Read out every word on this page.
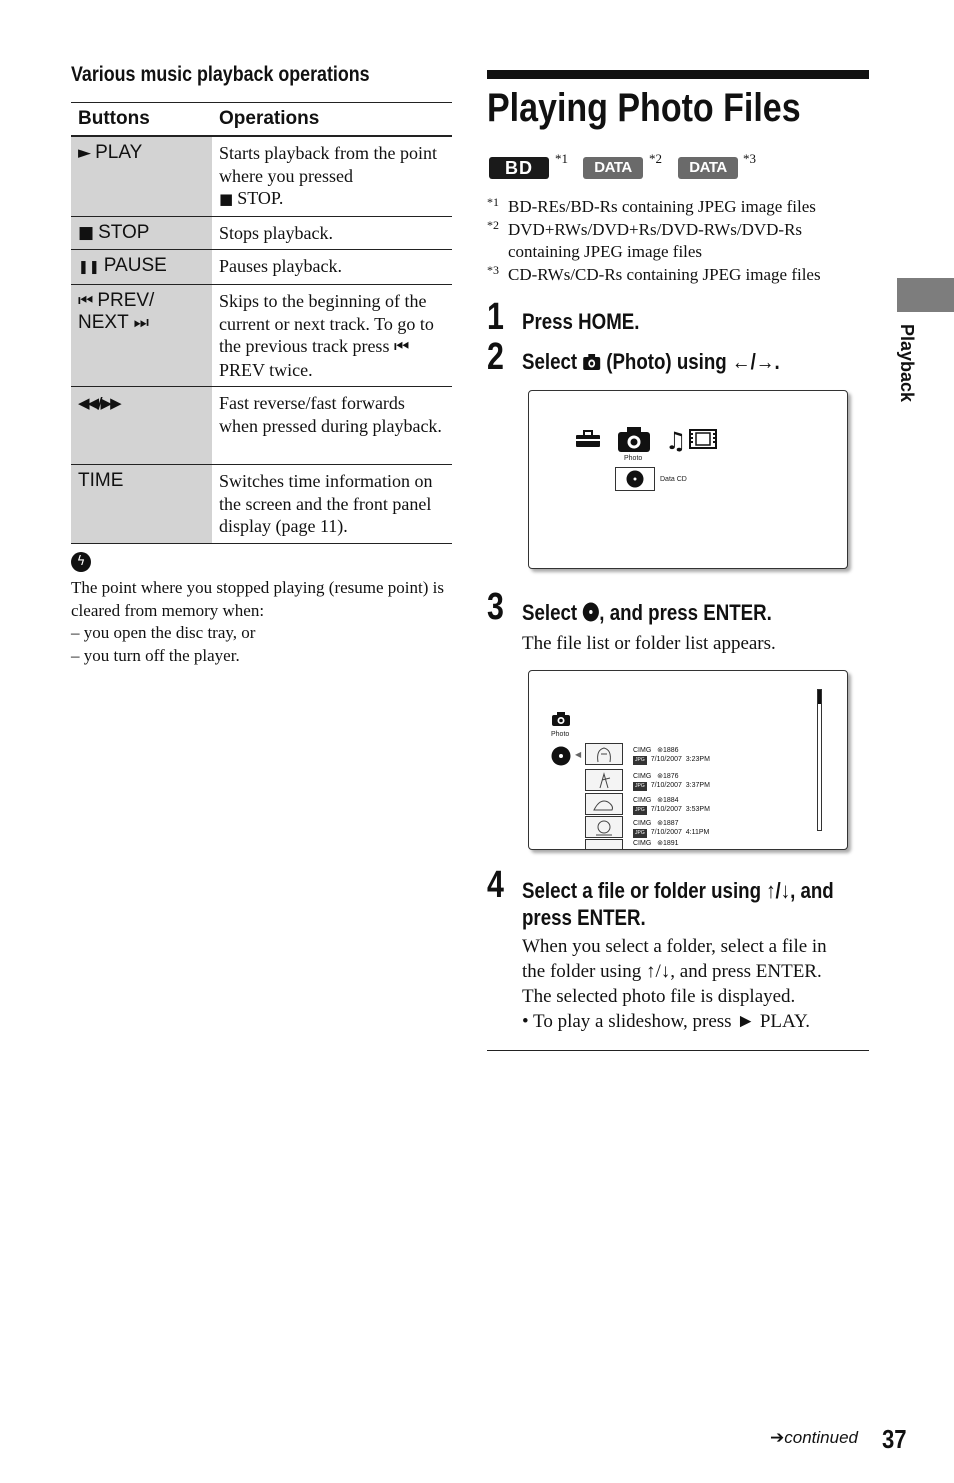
Various music playback operations
Buttons	Operations
► PLAY	Starts playback from the point where you pressed
■ STOP.
■ STOP	Stops playback.
❚❚ PAUSE	Pauses playback.
⏮ PREV/
NEXT ⏭	Skips to the beginning of the current or next track. To go to the previous track press ⏮PREV twice.
◀◀/▶▶	Fast reverse/fast forwards when pressed during playback.
TIME	Switches time information on the screen and the front panel display (page 11).
ϟ
The point where you stopped playing (resume point) is cleared from memory when:
– you open the disc tray, or
– you turn off the player.
Playing Photo Files
BD	*1
DATA DVD
*2
DATA CD
*3
*1 BD-REs/BD-Rs containing JPEG image files
*2 DVD+RWs/DVD+Rs/DVD-RWs/DVD-Rs containing JPEG image files
*3 CD-RWs/CD-Rs containing JPEG image files
1 Press HOME.
2 Select (Photo) using ←/→.
Photo
♫
Data CD
3 Select , and press ENTER.
The file list or folder list appears.
Photo
◀	CIMG   ⊚1886
JPG 7/10/2007 3:23PM
CIMG   ⊚1876
JPG 7/10/2007 3:37PM
CIMG   ⊚1884
JPG 7/10/2007 3:53PM
CIMG   ⊚1887
JPG 7/10/2007 4:11PM
CIMG   ⊚1891
4 Select a file or folder using ↑/↓, and
press ENTER.
When you select a folder, select a file in
the folder using ↑/↓, and press ENTER.
The selected photo file is displayed.
• To play a slideshow, press ► PLAY.
Playback
➔continued 37
